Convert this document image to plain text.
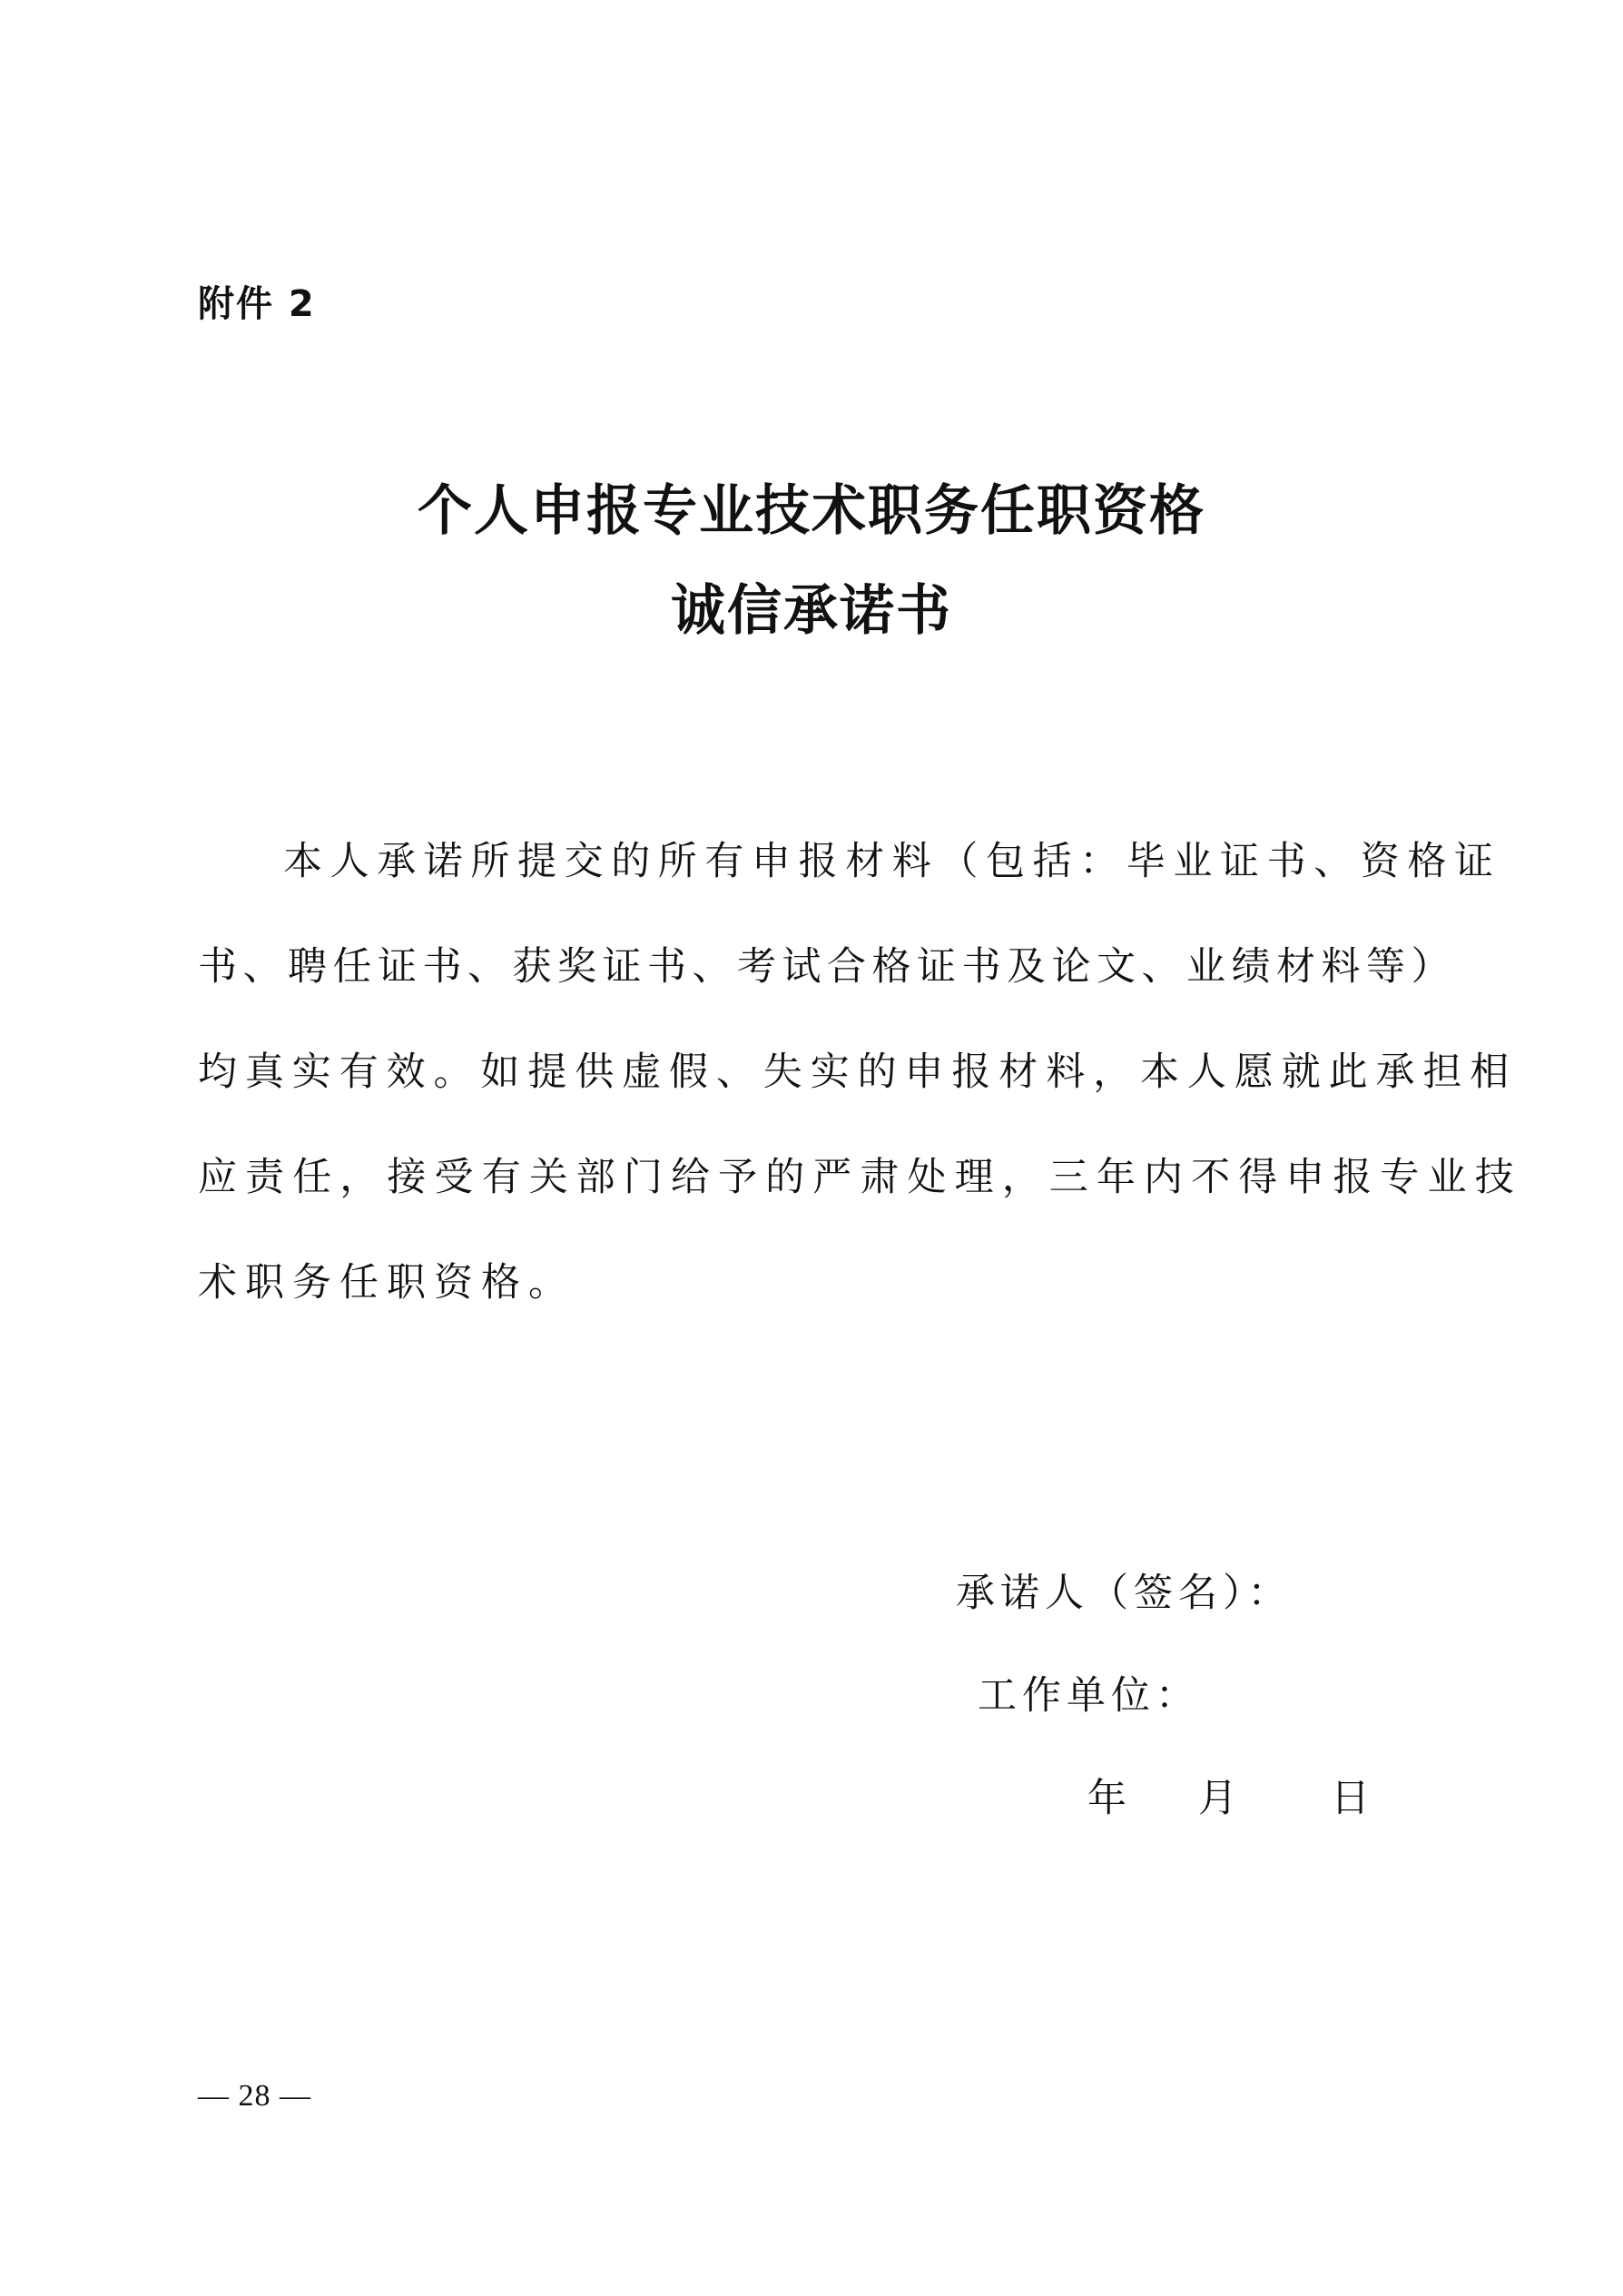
附件 2
个人申报专业技术职务任职资格
诚信承诺书
本人承诺所提交的所有申报材料（包括：毕业证书、资格证
书、聘任证书、获奖证书、考试合格证书及论文、业绩材料等）
均真实有效。如提供虚假、失实的申报材料，本人愿就此承担相
应责任，接受有关部门给予的严肃处理，三年内不得申报专业技
术职务任职资格。
承诺人（签名）：
工作单位：
年 月 日
— 28 —
